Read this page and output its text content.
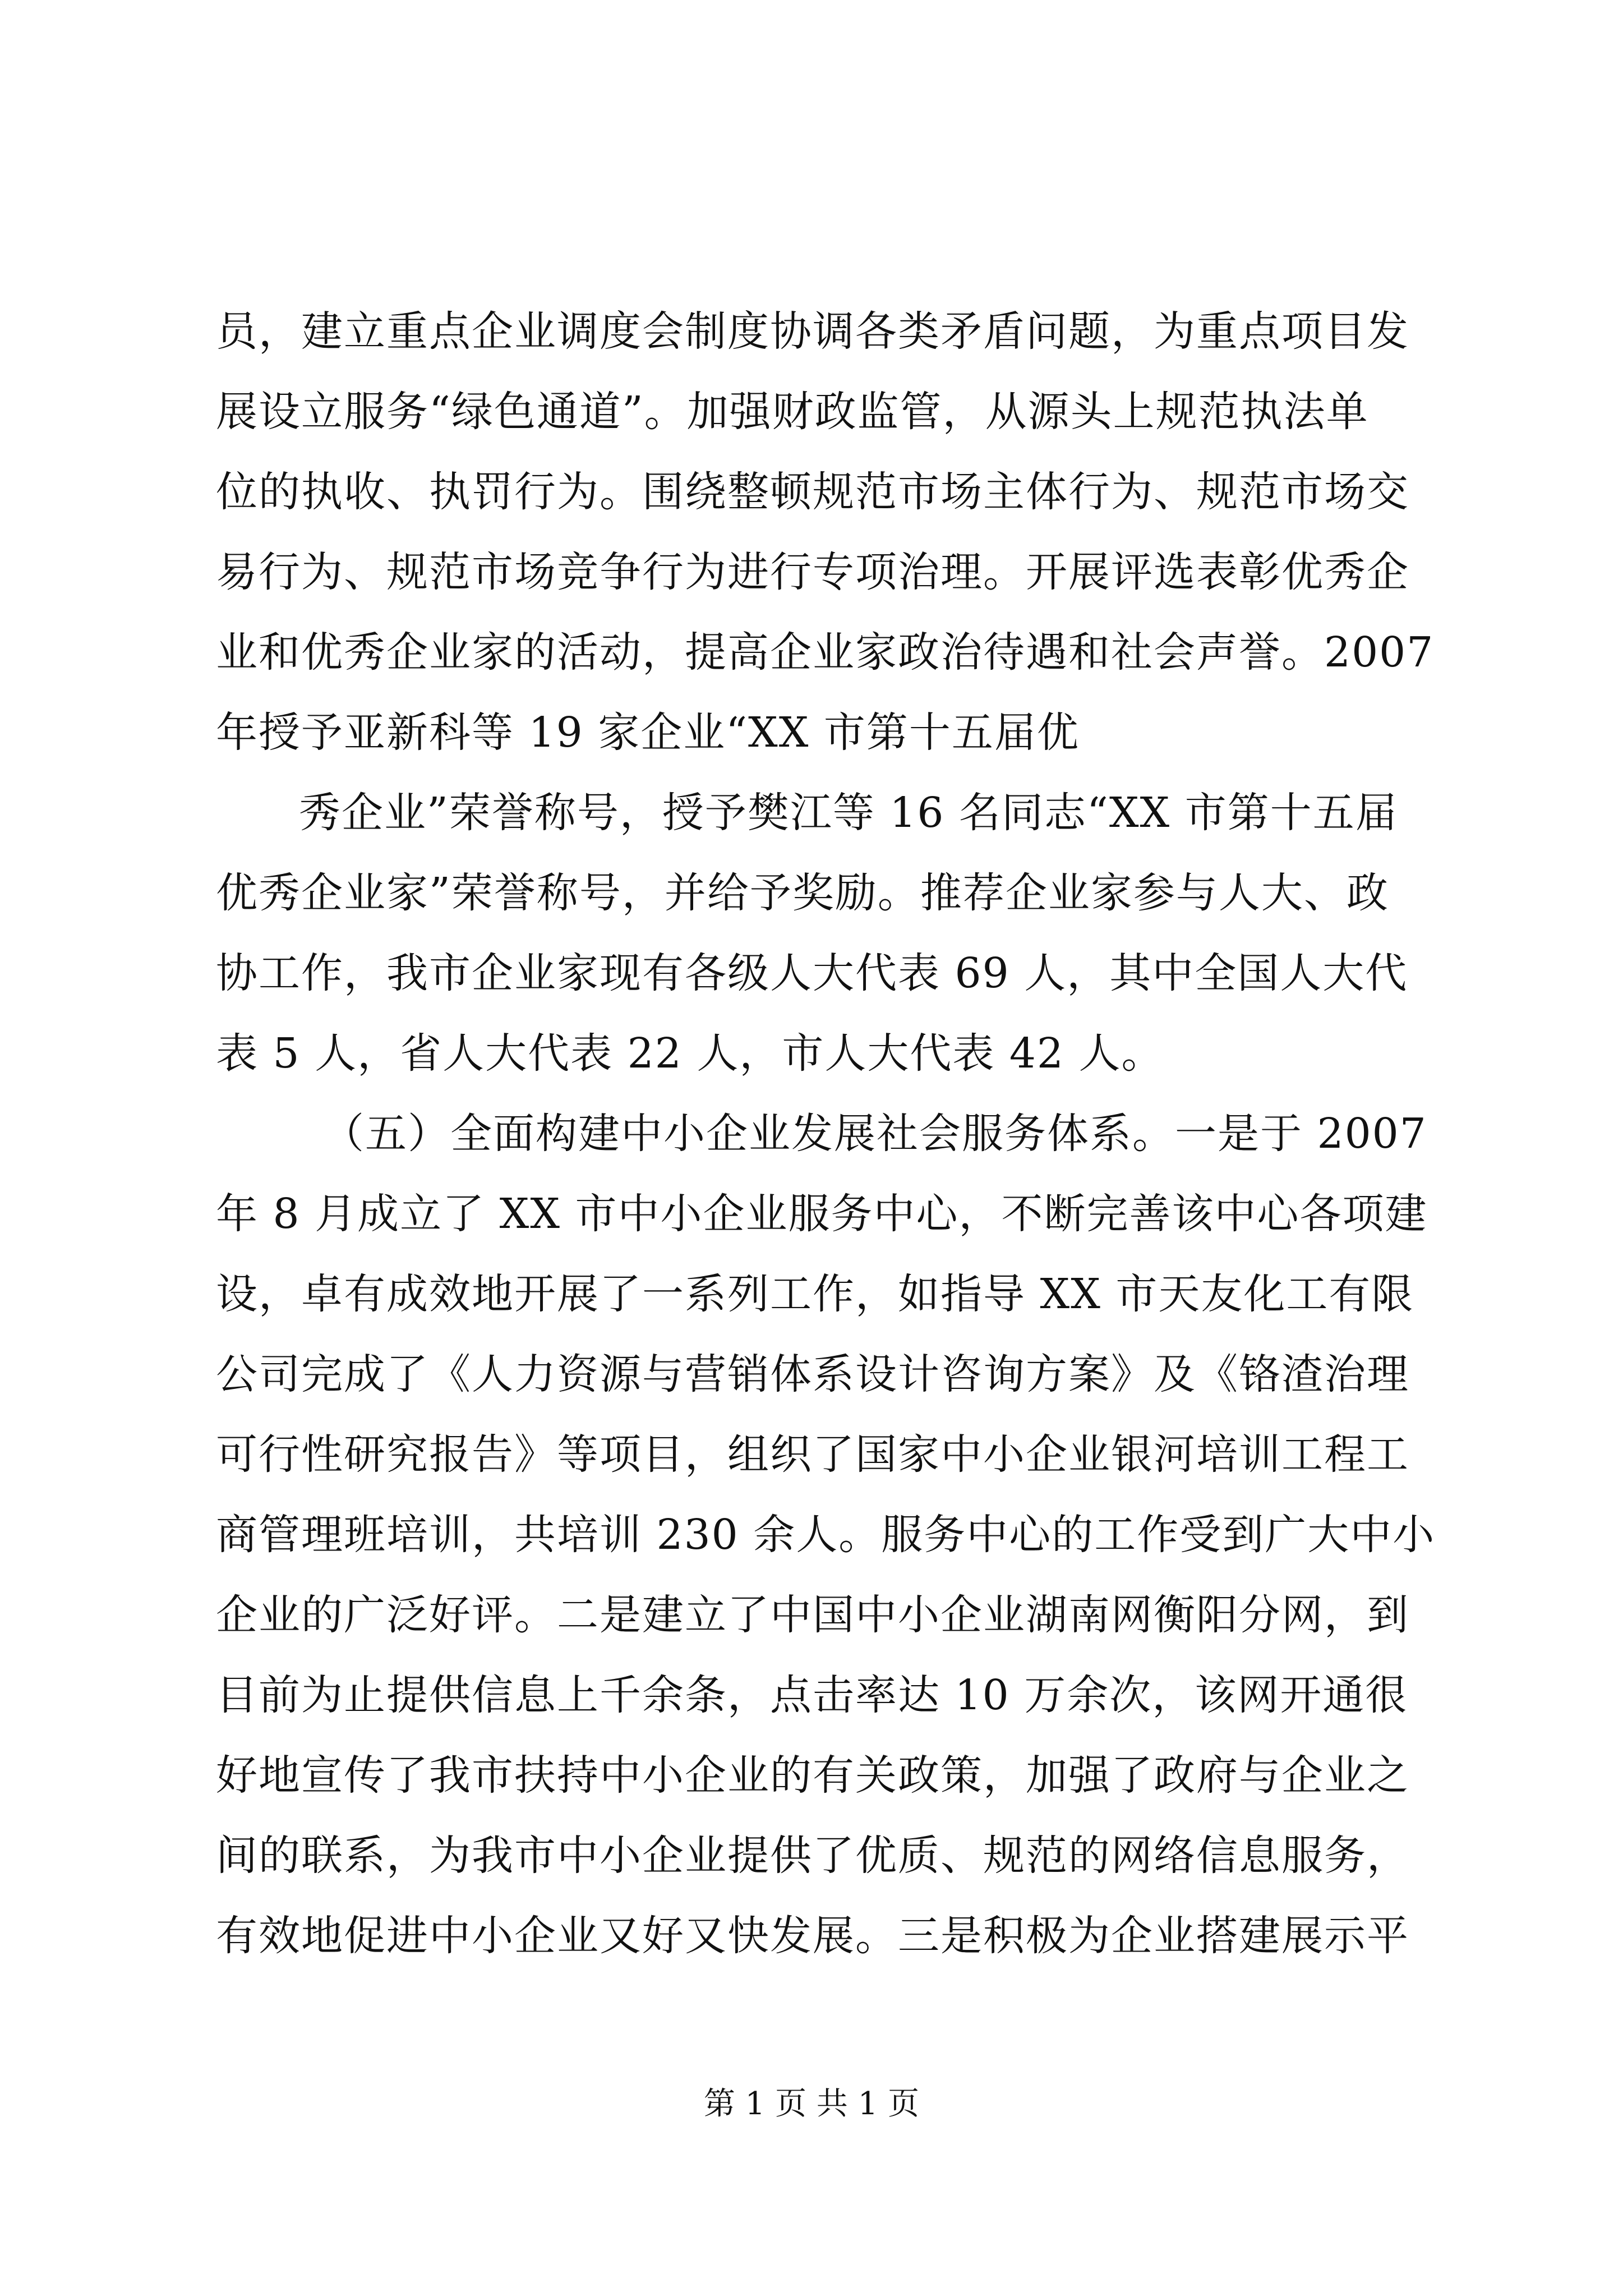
员，建立重点企业调度会制度协调各类矛盾问题，为重点项目发
展设立服务“绿色通道”。加强财政监管，从源头上规范执法单
位的执收、执罚行为。围绕整顿规范市场主体行为、规范市场交
易行为、规范市场竞争行为进行专项治理。开展评选表彰优秀企
业和优秀企业家的活动，提高企业家政治待遇和社会声誉。2007
年授予亚新科等 19 家企业“XX 市第十五届优
秀企业”荣誉称号，授予樊江等 16 名同志“XX 市第十五届
优秀企业家”荣誉称号，并给予奖励。推荐企业家参与人大、政
协工作，我市企业家现有各级人大代表 69 人，其中全国人大代
表 5 人，省人大代表 22 人，市人大代表 42 人。
（五）全面构建中小企业发展社会服务体系。一是于 2007
年 8 月成立了 XX 市中小企业服务中心，不断完善该中心各项建
设，卓有成效地开展了一系列工作，如指导 XX 市天友化工有限
公司完成了《人力资源与营销体系设计咨询方案》及《铬渣治理
可行性研究报告》等项目，组织了国家中小企业银河培训工程工
商管理班培训，共培训 230 余人。服务中心的工作受到广大中小
企业的广泛好评。二是建立了中国中小企业湖南网衡阳分网，到
目前为止提供信息上千余条，点击率达 10 万余次，该网开通很
好地宣传了我市扶持中小企业的有关政策，加强了政府与企业之
间的联系，为我市中小企业提供了优质、规范的网络信息服务，
有效地促进中小企业又好又快发展。三是积极为企业搭建展示平
第 1 页 共 1 页
